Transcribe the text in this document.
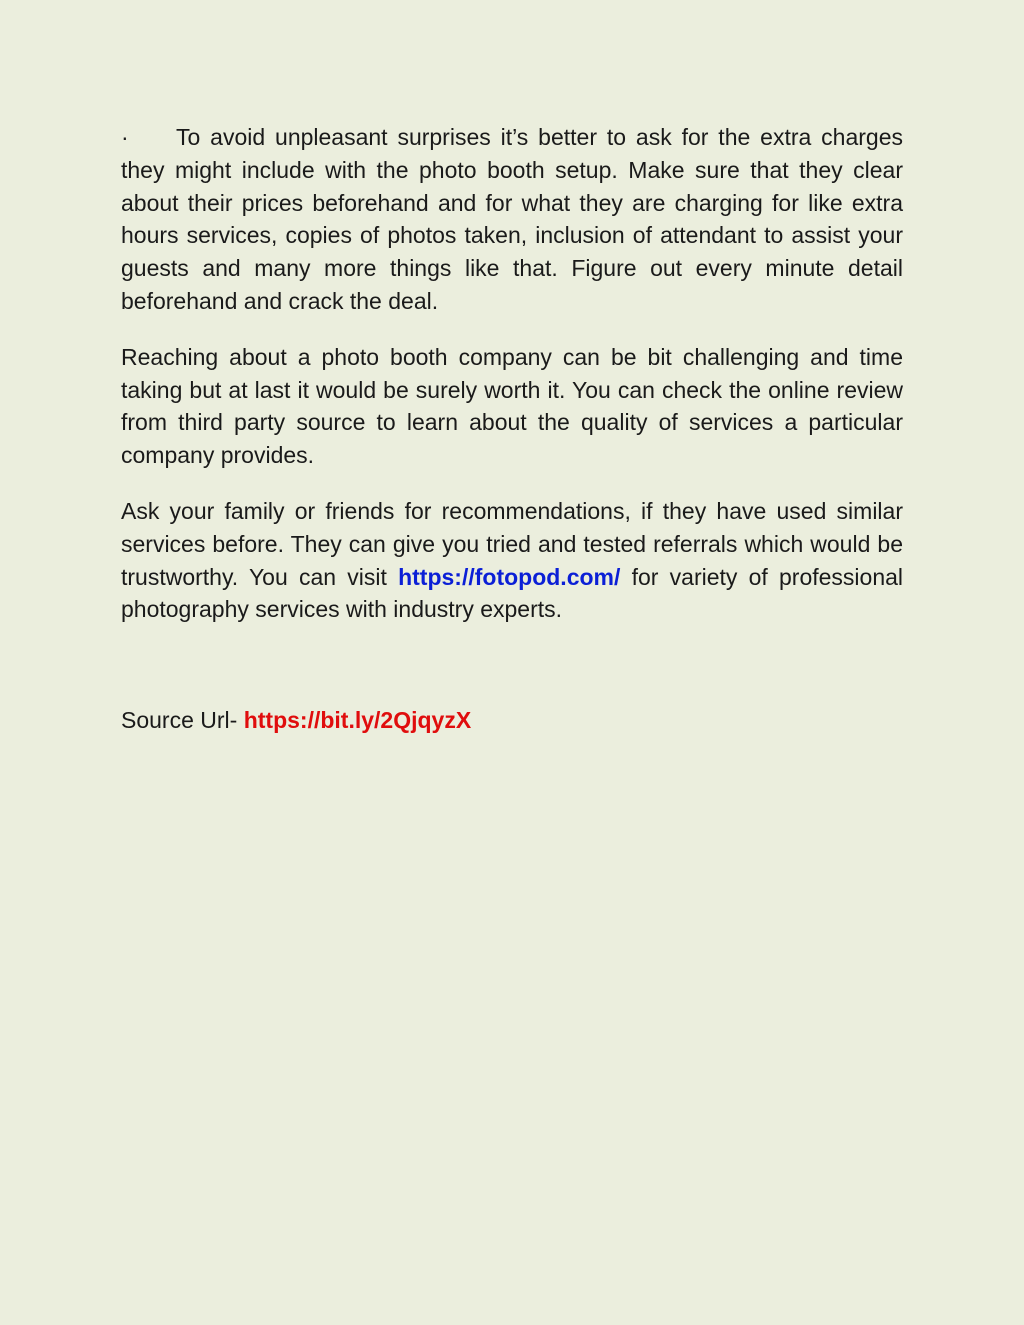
· To avoid unpleasant surprises it’s better to ask for the extra charges they might include with the photo booth setup. Make sure that they clear about their prices beforehand and for what they are charging for like extra hours services, copies of photos taken, inclusion of attendant to assist your guests and many more things like that. Figure out every minute detail beforehand and crack the deal.

Reaching about a photo booth company can be bit challenging and time taking but at last it would be surely worth it. You can check the online review from third party source to learn about the quality of services a particular company provides.

Ask your family or friends for recommendations, if they have used similar services before. They can give you tried and tested referrals which would be trustworthy. You can visit https://fotopod.com/ for variety of professional photography services with industry experts.

Source Url- https://bit.ly/2QjqyzX
